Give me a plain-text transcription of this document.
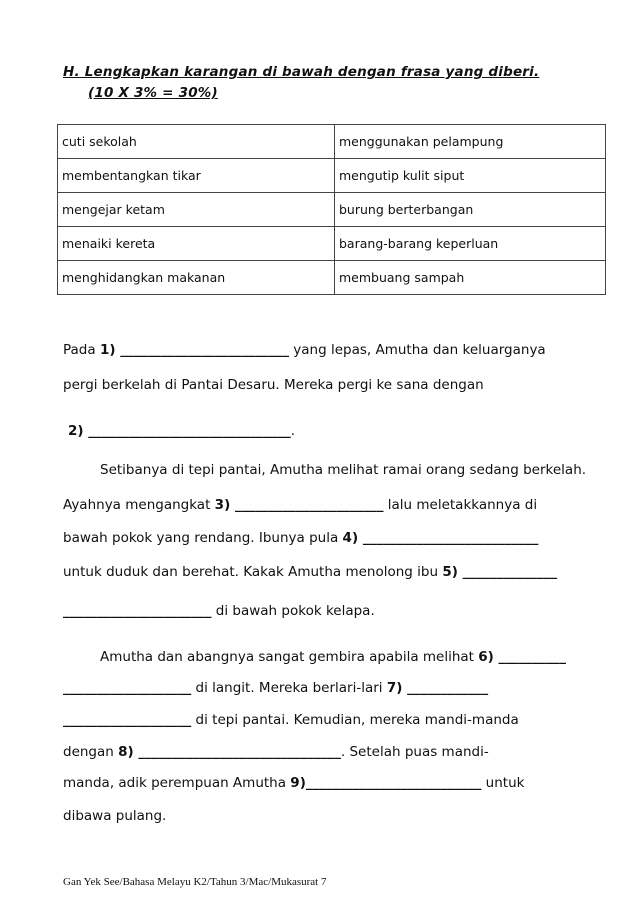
H. Lengkapkan karangan di bawah dengan frasa yang diberi.
(10 X 3% = 30%)
cuti sekolah	menggunakan pelampung
membentangkan tikar	mengutip kulit siput
mengejar ketam	burung berterbangan
menaiki kereta	barang-barang keperluan
menghidangkan makanan	membuang sampah
Pada 1) _________________________ yang lepas, Amutha dan keluarganya
pergi berkelah di Pantai Desaru. Mereka pergi ke sana dengan
2) ______________________________.
Setibanya di tepi pantai, Amutha melihat ramai orang sedang berkelah.
Ayahnya mengangkat 3) ______________________ lalu meletakkannya di
bawah pokok yang rendang. Ibunya pula 4) __________________________
untuk duduk dan berehat. Kakak Amutha menolong ibu 5) ______________
______________________ di bawah pokok kelapa.
Amutha dan abangnya sangat gembira apabila melihat 6) __________
___________________ di langit. Mereka berlari-lari 7) ____________
___________________ di tepi pantai. Kemudian, mereka mandi-manda
dengan 8) ______________________________. Setelah puas mandi-
manda, adik perempuan Amutha 9)__________________________ untuk
dibawa pulang.
Gan Yek See/Bahasa Melayu K2/Tahun 3/Mac/Mukasurat 7
